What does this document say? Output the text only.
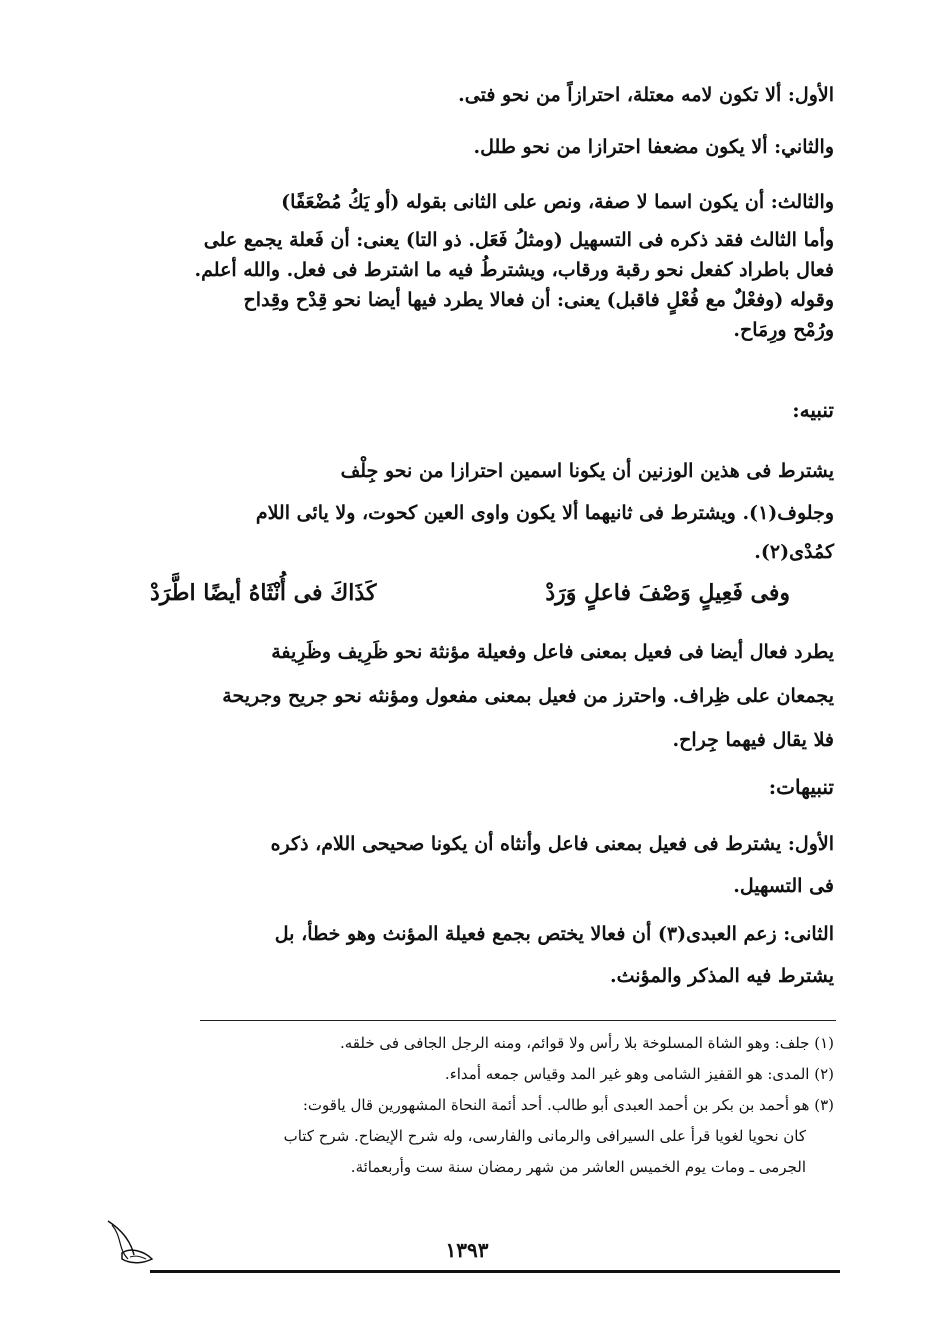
الأول: ألا تكون لامه معتلة، احترازاً من نحو فتى.
والثاني: ألا يكون مضعفا احترازا من نحو طلل.

والثالث: أن يكون اسما لا صفة، ونص على الثانى بقوله (أو يَكُ مُضْعَفًا)

وأما الثالث فقد ذكره فى التسهيل (ومثلُ فَعَل. ذو التا) يعنى: أن فَعلة يجمع على

فعال باطراد كفعل نحو رقبة ورقاب، ويشترطُ فيه ما اشترط فى فعل. والله أعلم.

وقوله (وفعْلٌ مع فُعْلٍ فاقبل) يعنى: أن فعالا يطرد فيها أيضا نحو قِدْح وقِداح

ورُمْح ورِمَاح.

تنبيه:

يشترط فى هذين الوزنين أن يكونا اسمين احترازا من نحو جِلْف

وجلوف(١). ويشترط فى ثانيهما ألا يكون واوى العين كحوت، ولا يائى اللام

كمُدْى(٢).

وفى فَعِيلٍ وَصْفَ فاعلٍ وَرَدْ
كَذَاكَ فى أُنْثَاهُ أيضًا اطَّرَدْ

يطرد فعال أيضا فى فعيل بمعنى فاعل وفعيلة مؤنثة نحو ظَرِيف وظَرِيفة

يجمعان على ظِراف. واحترز من فعيل بمعنى مفعول ومؤنثه نحو جريح وجريحة

فلا يقال فيهما جِراح.

تنبيهات:

الأول: يشترط فى فعيل بمعنى فاعل وأنثاه أن يكونا صحيحى اللام، ذكره

فى التسهيل.

الثانى: زعم العبدى(٣) أن فعالا يختص بجمع فعيلة المؤنث وهو خطأ، بل

يشترط فيه المذكر والمؤنث.

(١) جلف: وهو الشاة المسلوخة بلا رأس ولا قوائم، ومنه الرجل الجافى فى خلقه.
(٢) المدى: هو القفيز الشامى وهو غير المد وقياس جمعه أمداء.
(٣) هو أحمد بن بكر بن أحمد العبدى أبو طالب. أحد أئمة النحاة المشهورين قال ياقوت:
كان نحويا لغويا قرأ على السيرافى والرمانى والفارسى، وله شرح الإيضاح. شرح كتاب
الجرمى ـ ومات يوم الخميس العاشر من شهر رمضان سنة ست وأربعمائة.
١٣٩٣
